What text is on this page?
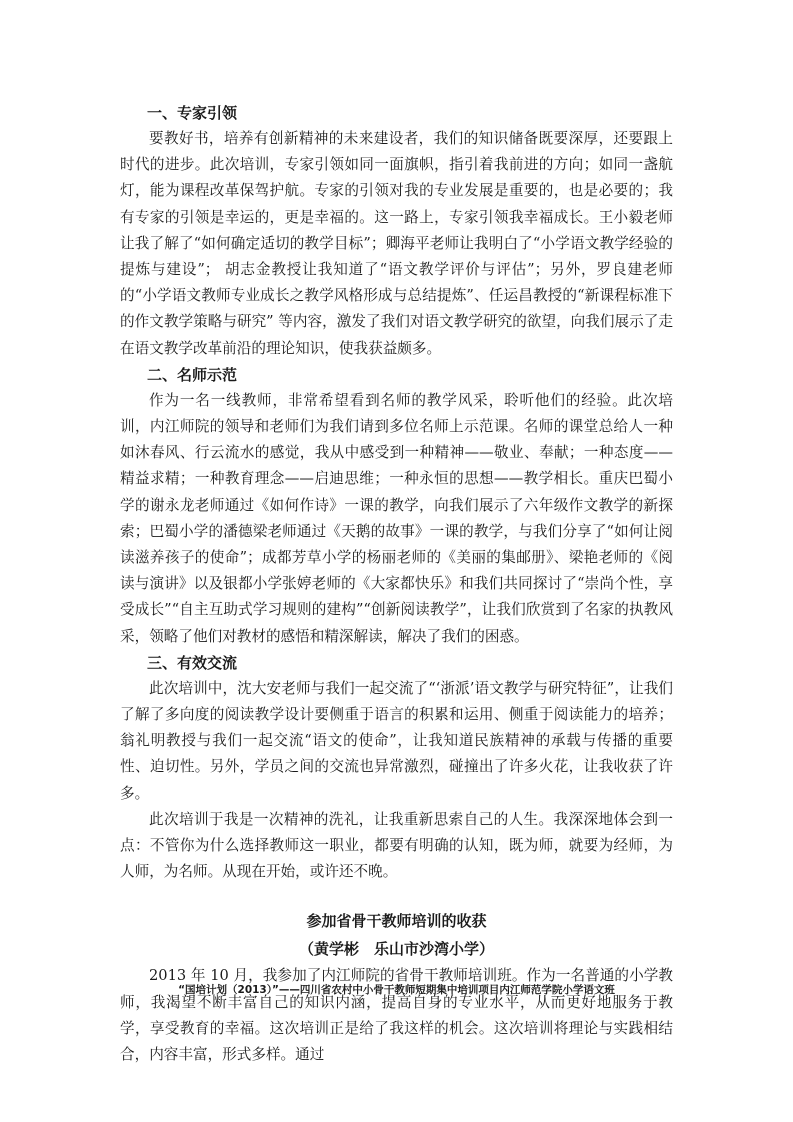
一、专家引领

要教好书，培养有创新精神的未来建设者，我们的知识储备既要深厚，还要跟上时代的进步。此次培训，专家引领如同一面旗帜，指引着我前进的方向；如同一盏航灯，能为课程改革保驾护航。专家的引领对我的专业发展是重要的，也是必要的；我有专家的引领是幸运的，更是幸福的。这一路上，专家引领我幸福成长。王小毅老师让我了解了“如何确定适切的教学目标”；卿海平老师让我明白了“小学语文教学经验的提炼与建设”； 胡志金教授让我知道了“语文教学评价与评估”；另外，罗良建老师的“小学语文教师专业成长之教学风格形成与总结提炼”、任运昌教授的“新课程标准下的作文教学策略与研究” 等内容，激发了我们对语文教学研究的欲望，向我们展示了走在语文教学改革前沿的理论知识，使我获益颇多。

二、名师示范

作为一名一线教师，非常希望看到名师的教学风采，聆听他们的经验。此次培训，内江师院的领导和老师们为我们请到多位名师上示范课。名师的课堂总给人一种如沐春风、行云流水的感觉，我从中感受到一种精神——敬业、奉献；一种态度——精益求精；一种教育理念——启迪思维；一种永恒的思想——教学相长。重庆巴蜀小学的谢永龙老师通过《如何作诗》一课的教学，向我们展示了六年级作文教学的新探索；巴蜀小学的潘德梁老师通过《天鹅的故事》一课的教学，与我们分享了“如何让阅读滋养孩子的使命”；成都芳草小学的杨丽老师的《美丽的集邮册》、梁艳老师的《阅读与演讲》以及银都小学张婷老师的《大家都快乐》和我们共同探讨了“崇尚个性，享受成长”“自主互助式学习规则的建构”“创新阅读教学”，让我们欣赏到了名家的执教风采，领略了他们对教材的感悟和精深解读，解决了我们的困惑。

三、有效交流

此次培训中，沈大安老师与我们一起交流了“‘浙派’语文教学与研究特征”，让我们了解了多向度的阅读教学设计要侧重于语言的积累和运用、侧重于阅读能力的培养；翁礼明教授与我们一起交流“语文的使命”，让我知道民族精神的承载与传播的重要性、迫切性。另外，学员之间的交流也异常激烈，碰撞出了许多火花，让我收获了许多。

此次培训于我是一次精神的洗礼，让我重新思索自己的人生。我深深地体会到一点：不管你为什么选择教师这一职业，都要有明确的认知，既为师，就要为经师，为人师，为名师。从现在开始，或许还不晚。

参加省骨干教师培训的收获

（黄学彬　乐山市沙湾小学）

2013 年 10 月，我参加了内江师院的省骨干教师培训班。作为一名普通的小学教师，我渴望不断丰富自己的知识内涵，提高自身的专业水平，从而更好地服务于教学，享受教育的幸福。这次培训正是给了我这样的机会。这次培训将理论与实践相结合，内容丰富，形式多样。通过

“国培计划（2013）”——四川省农村中小骨干教师短期集中培训项目内江师范学院小学语文班
